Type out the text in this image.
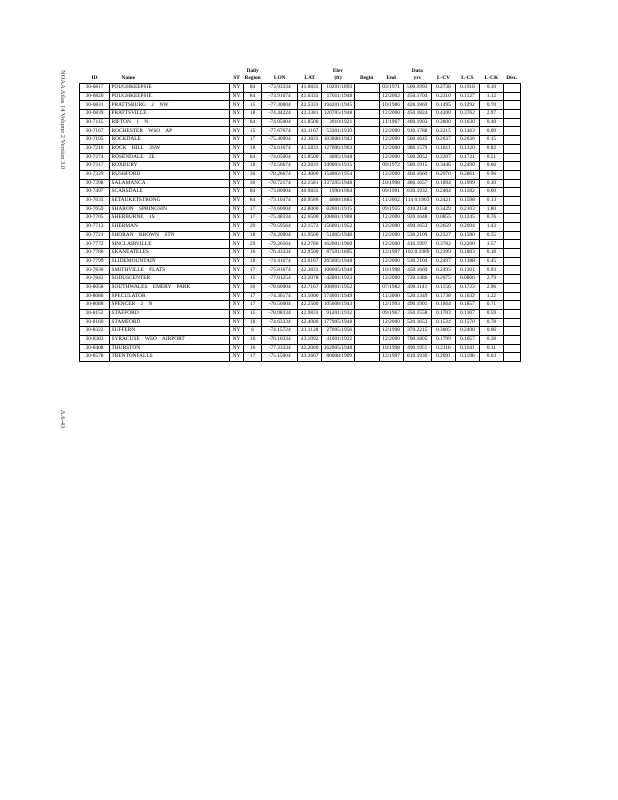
NOAA Atlas 14 Volume 2 Version 3.0
A.6-43
			Daily			Elev			Data				
ID	Name	ST	Region	LON	LAT	(ft)	Begin	End	yrs	L-CV	L-CS	L-CK	Disc.
30-6817	POUGHKEEPSIE	NY	84	-73.93334	41.6833	10201/1893		03/1971	500.1993	0.2738	0.1918	0.10	
30-6820	POUGHKEEPSIE	NY	84	-73.91674	41.6333	17011/1948		12/2002	450.1704	0.2310	0.1127	1.12	
30-6831	PRATTSBURG 2 NW	NY	15	-77.30004	42.5333	194201/1945		10/1986	420.1869	0.1495	0.1292	0.70	
30-6839	PRATTSVILLE	NY	18	-74.44224	42.3381	120705/1948		12/2000	450.1824	0.4200	0.3762	2.97	
30-7115	RIFTON 1 N	NY	84	-74.05004	41.8500	3910/1921		11/1967	460.1903	0.2800	0.1630	0.48	
30-7167	ROCHESTER WSO AP	NY	15	-77.67674	43.1167	53301/1910		12/2000	910.1788	0.2215	0.1463	0.09	
30-7195	ROCKDALE	NY	17	-75.40004	42.3833	103008/1943		12/2000	560.1645	0.2037	0.2036	0.15	
30-7210	ROCK HILL 3SW	NY	18	-74.61674	41.5833	127006/1963		12/2000	380.1579	0.1811	0.1320	0.82	
30-7274	ROSENDALE 2E	NY	84	-74.05004	41.8500	4005/1948		12/2000	500.2052	0.2207	0.1721	0.51	
30-7317	ROXBURY	NY	18	-74.56674	42.2833	149003/1915		09/1972	580.1915	0.3446	0.2490	0.66	
30-7329	RUSHFORD	NY	30	-78.26674	42.4000	154002/1954		12/2000	460.1660	0.2970	0.2861	0.96	
30-7398	SALAMANCA	NY	30	-78.72174	42.1581	137205/1948		10/1998	480.1657	0.1894	0.1999	0.30	
30-7497	SCARSDALE	NY	84	-73.80004	40.9833	1990/1904		09/1991	830.1932	0.2404	0.1182	0.60	
30-7633	SETAUKETSTRONG	NY	84	-73.10474	40.9586	4008/1885		11/2002	114 0.1903	0.2421	0.1598	0.13	
30-7659	SHARON SPRINGSIN	NY	17	-74.60004	42.8000	82001/1915		09/1955	410.2158	0.3429	0.2103	1.80	
30-7705	SHERBURNE 1S	NY	17	-75.48334	42.6500	108001/1908		12/2000	920.1648	0.0855	0.1245	0.76	
30-7713	SHERMAN	NY	29	-79.59564	42.1572	156001/1952		12/2000	490.1653	0.2659	0.2094	1.43	
30-7721	SHORAN BROWN STN	NY	18	-74.20004	41.9500	51005/1948		12/2000	530.2109	0.2327	0.1580	0.55	
30-7772	SINCLAIRVILLE	NY	29	-79.26564	42.2786	162001/1960		12/2000	410.1997	0.3782	0.2260	1.57	
30-7780	SKANEATELES	NY	16	-76.43334	42.9500	87501/1895		12/1997	102 0.1989	0.2399	0.1803	0.18	
30-7799	SLIDEMOUNTAIN	NY	18	-74.41674	42.0167	265005/1948		12/2000	530.2104	0.2497	0.1388	0.45	
30-7830	SMITHVILLE FLATS	NY	17	-75.81674	42.3833	108005/1948		10/1998	450.1669	0.2493	0.1301	0.93	
30-7842	SODUSCENTER	NY	15	-77.01254	43.2078	42001/1923		12/2000	720.1486	0.2075	0.0866	2.79	
30-8058	SOUTHWALES EMERY PARK	NY	30	-78.60004	42.7167	108901/1952		07/1982	490.1141	0.1156	0.1723	2.96	
30-8080	SPECULATOR	NY	17	-74.36174	43.5000	174001/1949		11/2000	520.1349	0.1738	0.1632	1.22	
30-8088	SPENCER 2 N	NY	17	-76.50004	42.2500	105008/1943		12/1993	490.1901	0.1864	0.1857	0.71	
30-8152	STAFFORD	NY	15	-78.08334	42.9833	91201/1932		09/1967	350.1558	0.1703	0.1307	0.59	
30-8160	STAMFORD	NY	18	-74.63334	42.4000	177905/1948		12/2000	520.1653	0.1534	0.1570	0.78	
30-8322	SUFFERN	NY	6	-74.15724	41.1128	27005/1956		12/1998	370.2215	0.3005	0.2498	0.66	
30-8383	SYRACUSE WSO AIRPORT	NY	16	-76.10334	43.1092	41001/1922		12/2000	790.1805	0.1799	0.1657	0.28	
30-8408	THURSTON	NY	16	-77.33334	42.2000	162005/1948		10/1998	490.1951	0.2118	0.1941	0.31	
30-8578	TRENTONFALLS	NY	17	-75.15004	43.2667	80008/1909		12/1997	810.1930	0.2091	0.1198	0.63	
